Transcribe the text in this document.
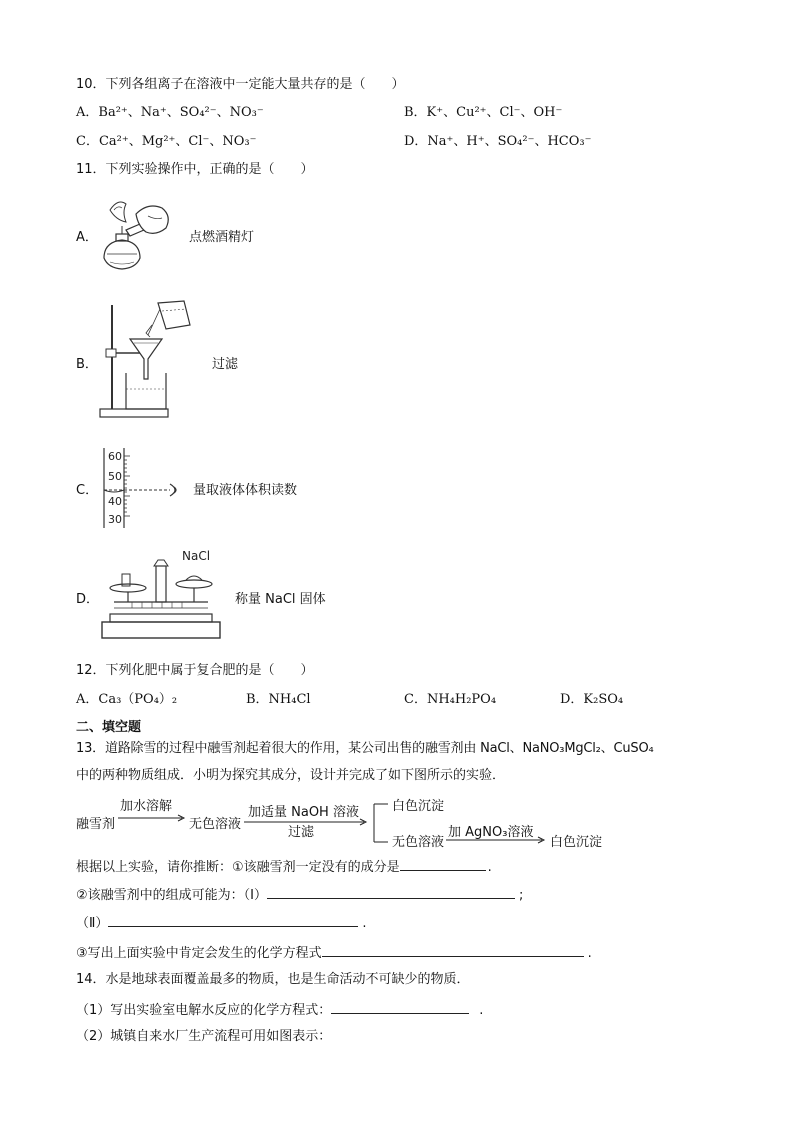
10．下列各组离子在溶液中一定能大量共存的是（　　）
A．Ba²⁺、Na⁺、SO₄²⁻、NO₃⁻	B．K⁺、Cu²⁺、Cl⁻、OH⁻
C．Ca²⁺、Mg²⁺、Cl⁻、NO₃⁻	D．Na⁺、H⁺、SO₄²⁻、HCO₃⁻
11．下列实验操作中，正确的是（　　）
A．	点燃酒精灯
B．	过滤
C．
60
50
40
30
量取液体体积读数
D．
NaCl
称量 NaCl 固体
12．下列化肥中属于复合肥的是（　　）
A．Ca₃（PO₄）₂	B．NH₄Cl	C．NH₄H₂PO₄	D．K₂SO₄
二、填空题
13．道路除雪的过程中融雪剂起着很大的作用，某公司出售的融雪剂由 NaCl、NaNO₃MgCl₂、CuSO₄
中的两种物质组成．小明为探究其成分，设计并完成了如下图所示的实验．
融雪剂
加水溶解
无色溶液
加适量 NaOH 溶液
过滤
白色沉淀
无色溶液
加 AgNO₃溶液
白色沉淀
根据以上实验，请你推断：①该融雪剂一定没有的成分是	.
②该融雪剂中的组成可能为：（Ⅰ）	;
（Ⅱ）	.
③写出上面实验中肯定会发生的化学方程式	.
14．水是地球表面覆盖最多的物质，也是生命活动不可缺少的物质．
（1）写出实验室电解水反应的化学方程式：	.
（2）城镇自来水厂生产流程可用如图表示：
